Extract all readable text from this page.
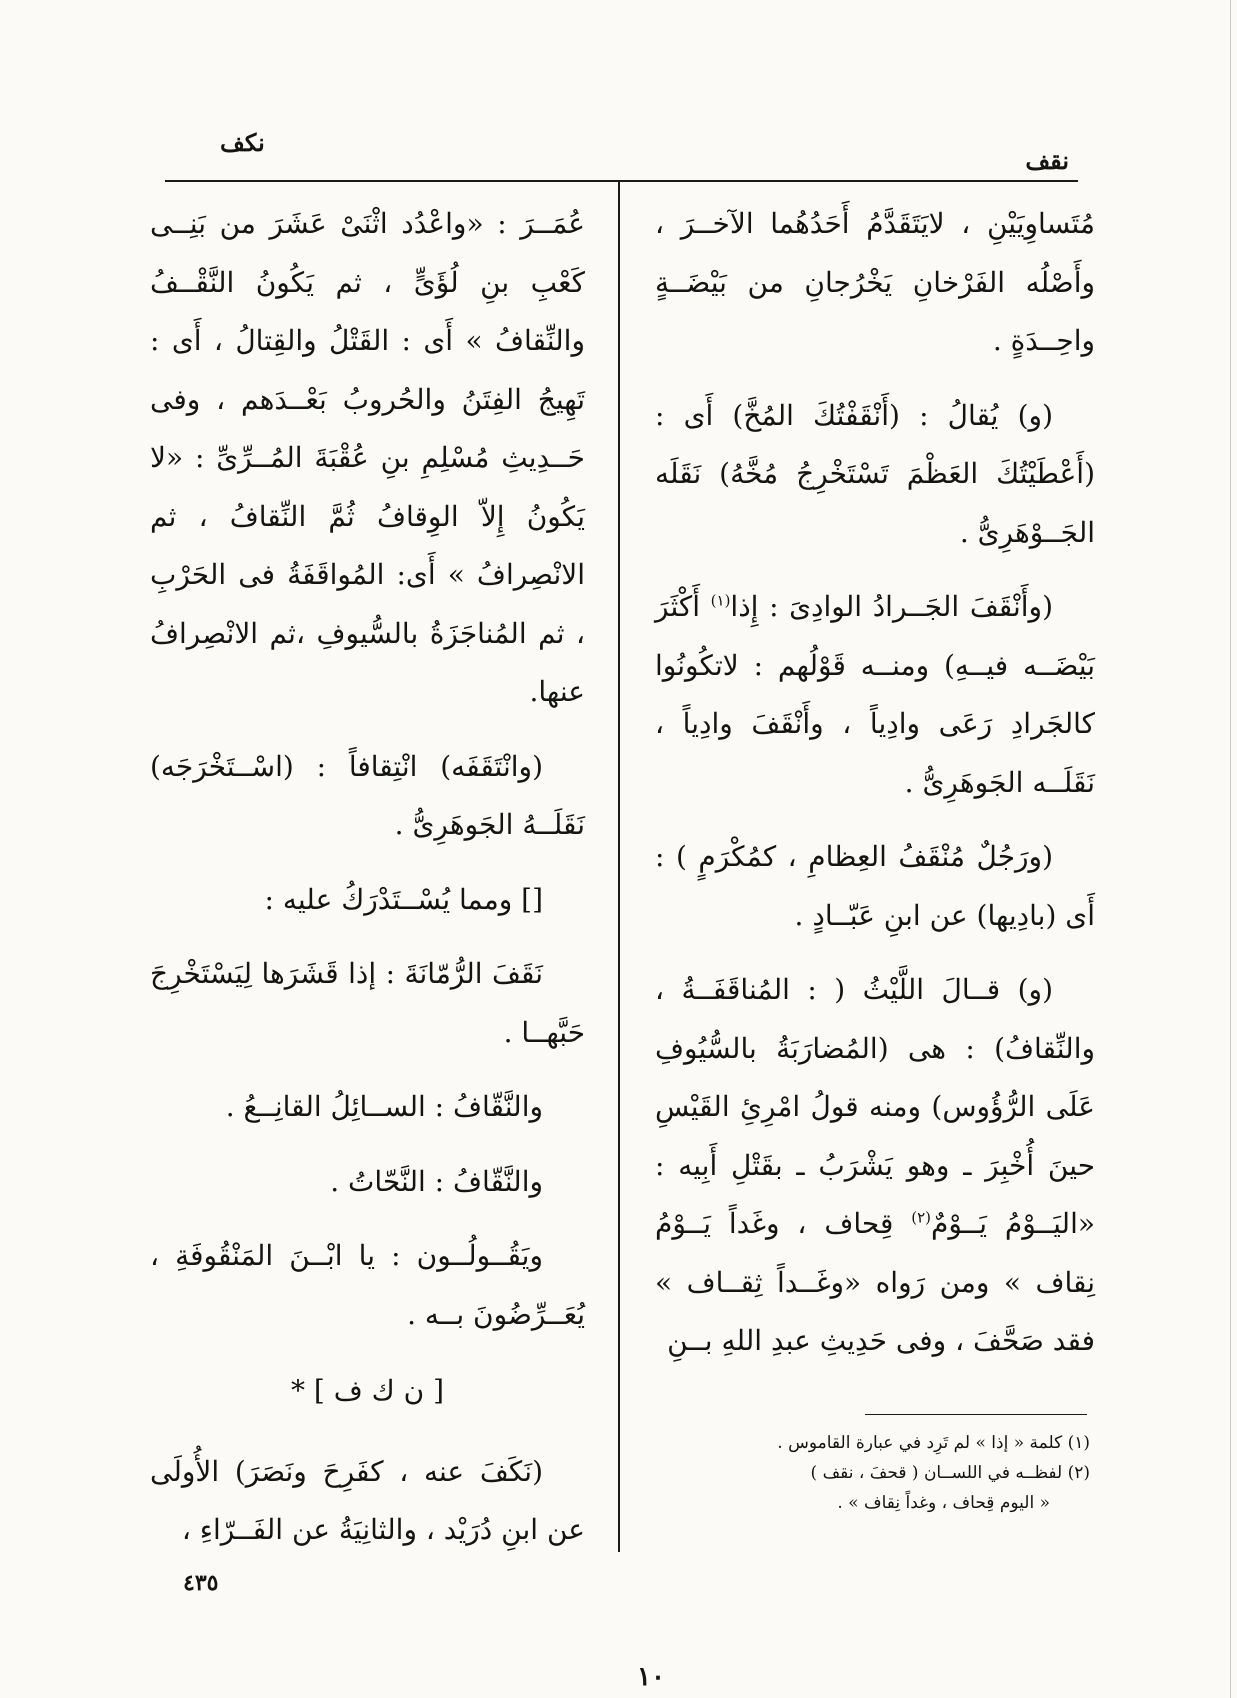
نكف
نقف

مُتَساوِيَيْنِ ، لايَتَقَدَّمُ أَحَدُهُما الآخــرَ ، وأَصْلُه الفَرْخانِ يَخْرُجانِ من بَيْضَــةٍ واحِــدَةٍ .

(و) يُقالُ : (أَنْقَفْتُكَ المُخَّ) أَى : (أَعْطَيْتُكَ العَظْمَ تَسْتَخْرِجُ مُخَّهُ) نَقَلَه الجَــوْهَرِىُّ .

(وأَنْقَفَ الجَــرادُ الوادِىَ : إِذا$^{(١)}$ أَكْثَرَ بَيْضَــه فيــهِ) ومنــه قَوْلُهم : لاتكُونُوا كالجَرادِ رَعَى وادِياً ، وأَنْقَفَ وادِياً ، نَقَلَــه الجَوهَرِىُّ .

(ورَجُلٌ مُنْقَفُ العِظامِ ، كمُكْرَمٍ ) : أَى (بادِيها) عن ابنِ عَبّــادٍ .

(و) قــالَ اللَّيْثُ ( : المُناقَفَــةُ ، والنِّقافُ) : هى (المُضارَبَةُ بالسُّيُوفِ عَلَى الرُّؤُوس) ومنه قولُ امْرِئِ القَيْسِ حينَ أُخْبِرَ ـ وهو يَشْرَبُ ـ بقَتْلِ أَبِيه : «اليَــوْمُ يَــوْمٌ$^{(٢)}$ قِحاف ، وغَداً يَــوْمُ نِقاف » ومن رَواه «وغَــداً ثِقــاف » فقد صَحَّفَ ، وفى حَدِيثِ عبدِ اللهِ بــنِ

عُمَــرَ : «واعْدُد اثْنَىْ عَشَرَ من بَنِــى كَعْبِ بنِ لُؤَىٍّ ، ثم يَكُونُ النَّقْــفُ والنِّقافُ » أَى : القَتْلُ والقِتالُ ، أَى : تَهِيجُ الفِتَنُ والحُروبُ بَعْــدَهم ، وفى حَــدِيثِ مُسْلِمِ بنِ عُقْبَةَ المُــرِّىِّ : «لا يَكُونُ إِلاّ الوِقافُ ثُمَّ النِّقافُ ، ثم الانْصِرافُ » أَى: المُواقَفَةُ فى الحَرْبِ ، ثم المُناجَزَةُ بالسُّيوفِ ،ثم الانْصِرافُ عنها.

(وانْتَقَفَه) انْتِقافاً : (اسْــتَخْرَجَه) نَقَلَــهُ الجَوهَرِىُّ .

[] ومما يُسْــتَدْرَكُ عليه :

نَقَفَ الرُّمّانَةَ : إذا قَشَرَها لِيَسْتَخْرِجَ حَبَّهــا .

والنَّقّافُ : الســائِلُ القانِــعُ .

والنَّقّافُ : النَّحّاتُ .

ويَقُــولُــون : يا ابْــنَ المَنْقُوفَةِ ، يُعَــرِّضُونَ بــه .

[ ن ك ف ] *

(نَكَفَ عنه ، كفَرِحَ ونَصَرَ) الأُولَى عن ابنِ دُرَيْد ، والثانِيَةُ عن الفَــرّاءِ ،

(١) كلمة « إذا » لم تَرِد في عبارة القاموس .

(٢) لفظــه في اللســان ( قحفَ ، نقف )

« اليوم قِحاف ، وغداً نِقاف » .

٤٣٥
١٠
